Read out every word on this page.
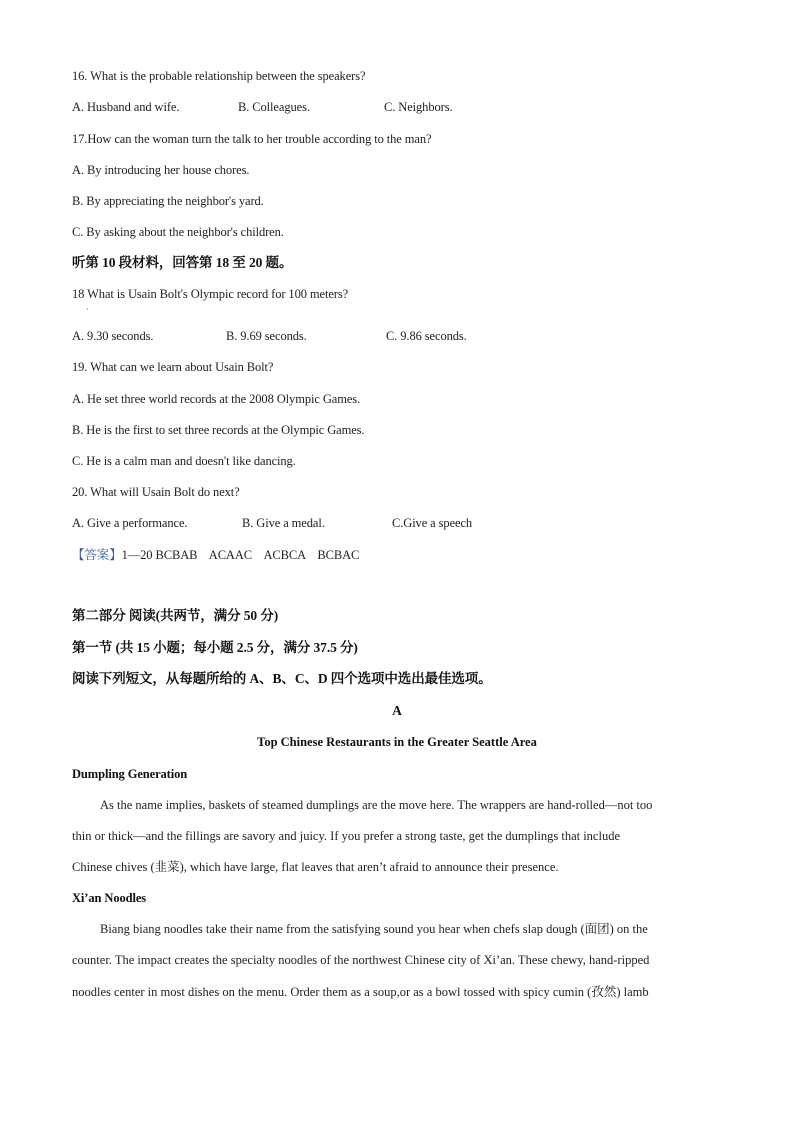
16. What is the probable relationship between the speakers?
A. Husband and wife.	B. Colleagues.	C. Neighbors.
17.How can the woman turn the talk to her trouble according to the man?
A. By introducing her house chores.
B. By appreciating the neighbor's yard.
C. By asking about the neighbor's children.
听第 10 段材料，回答第 18 至 20 题。
18 What is Usain Bolt's Olympic record for 100 meters?
·
A. 9.30 seconds.	B. 9.69 seconds.	C. 9.86 seconds.
19. What can we learn about Usain Bolt?
A. He set three world records at the 2008 Olympic Games.
B. He is the first to set three records at the Olympic Games.
C. He is a calm man and doesn't like dancing.
20. What will Usain Bolt do next?
A. Give a performance.	B. Give a medal.	C.Give a speech
【答案】1—20 BCBAB    ACAAC    ACBCA    BCBAC
第二部分 阅读(共两节，满分 50 分)
第一节 (共 15 小题；每小题 2.5 分，满分 37.5 分)
阅读下列短文，从每题所给的 A、B、C、D 四个选项中选出最佳选项。
A
Top Chinese Restaurants in the Greater Seattle Area
Dumpling Generation
As the name implies, baskets of steamed dumplings are the move here. The wrappers are hand-rolled—not too
thin or thick—and the fillings are savory and juicy. If you prefer a strong taste, get the dumplings that include
Chinese chives (韭菜), which have large, flat leaves that aren’t afraid to announce their presence.
Xi’an Noodles
Biang biang noodles take their name from the satisfying sound you hear when chefs slap dough (面团) on the
counter. The impact creates the specialty noodles of the northwest Chinese city of Xi’an. These chewy, hand-ripped
noodles center in most dishes on the menu. Order them as a soup,or as a bowl tossed with spicy cumin (孜然) lamb
